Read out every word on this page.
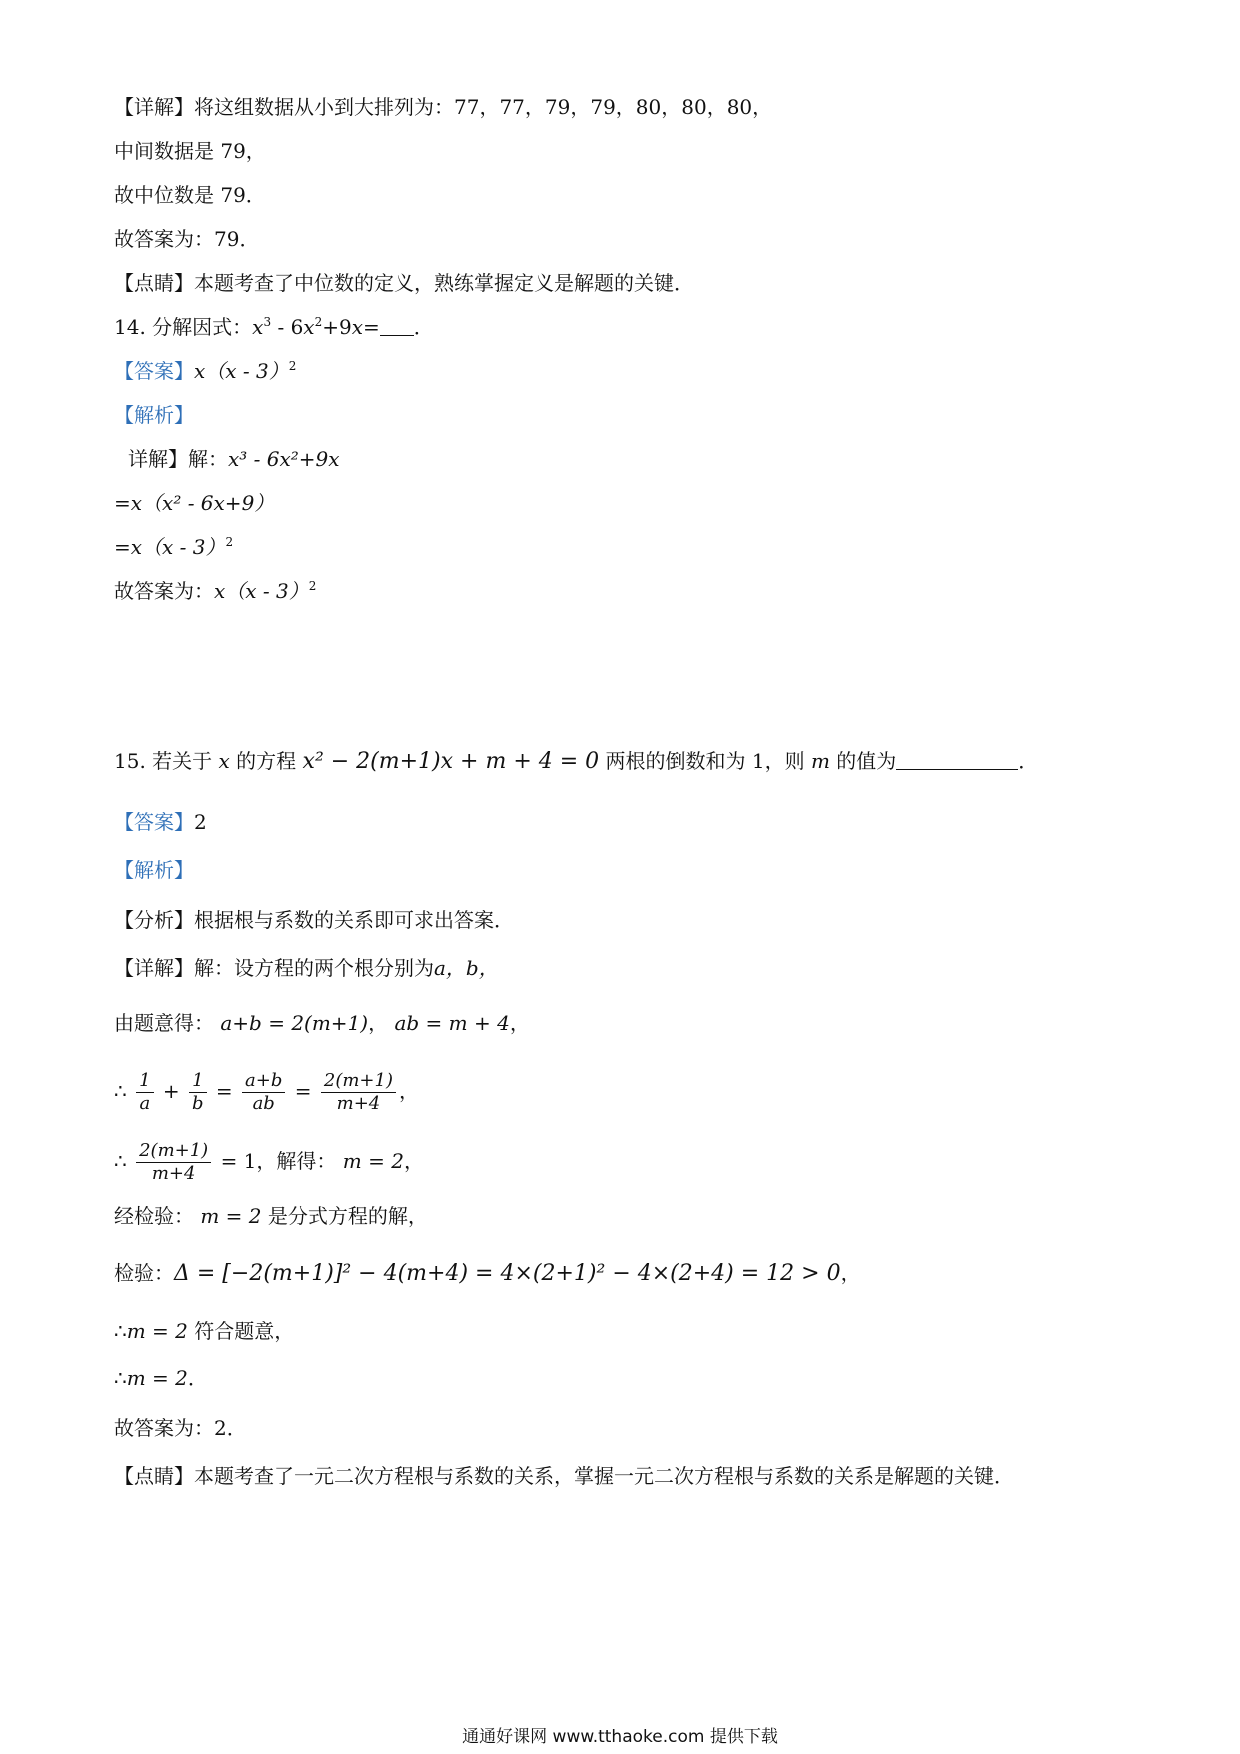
【详解】将这组数据从小到大排列为：77，77，79，79，80，80，80，
中间数据是 79，
故中位数是 79．
故答案为：79．
【点睛】本题考查了中位数的定义，熟练掌握定义是解题的关键．
14. 分解因式：$x^3 - 6x^2+9x=$ ．
【答案】x（x - 3）$^2$
【解析】
详解】解：x³ - 6x²+9x
=x（x² - 6x+9）
=x（x - 3）$^2$
故答案为：x（x - 3）$^2$
15. 若关于 x 的方程 x² − 2(m+1)x + m + 4 = 0 两根的倒数和为 1，则 m 的值为	．
【答案】2
【解析】
【分析】根据根与系数的关系即可求出答案．
【详解】解：设方程的两个根分别为a，b，
由题意得： a+b = 2(m+1)， ab = m + 4，
∴ $\frac{1}{a} + \frac{1}{b} = \frac{a+b}{ab} = \frac{2(m+1)}{m+4}$ ，
∴ $\frac{2(m+1)}{m+4} = 1$，解得： m = 2，
经检验： m = 2 是分式方程的解，
检验：Δ = [−2(m+1)]² − 4(m+4) = 4×(2+1)² − 4×(2+4) = 12 > 0，
∴m = 2 符合题意，
∴m = 2．
故答案为：2．
【点睛】本题考查了一元二次方程根与系数的关系，掌握一元二次方程根与系数的关系是解题的关键．
通通好课网 www.tthaoke.com 提供下载
